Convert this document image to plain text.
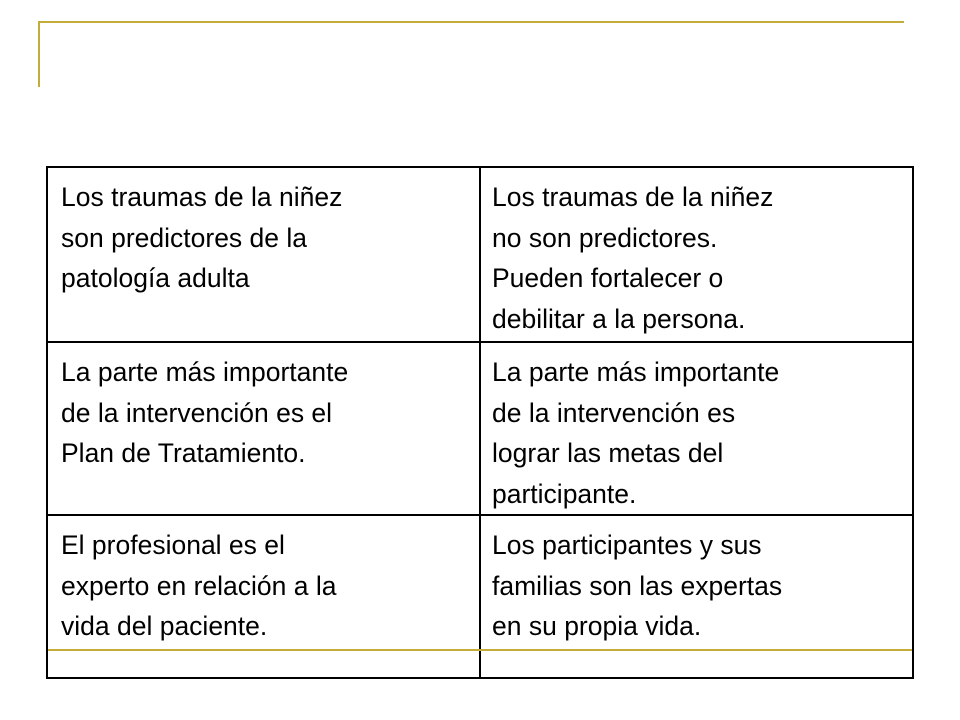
Los traumas de la niñez
son predictores de la
patología adulta
Los traumas de la niñez
no son predictores.
Pueden fortalecer o
debilitar a la persona.
La parte más importante
de la intervención es el
Plan de Tratamiento.
La parte más importante
de la intervención es
lograr las metas del
participante.
El profesional es el
experto en relación a la
vida del paciente.
Los participantes y sus
familias son las expertas
en su propia vida.
